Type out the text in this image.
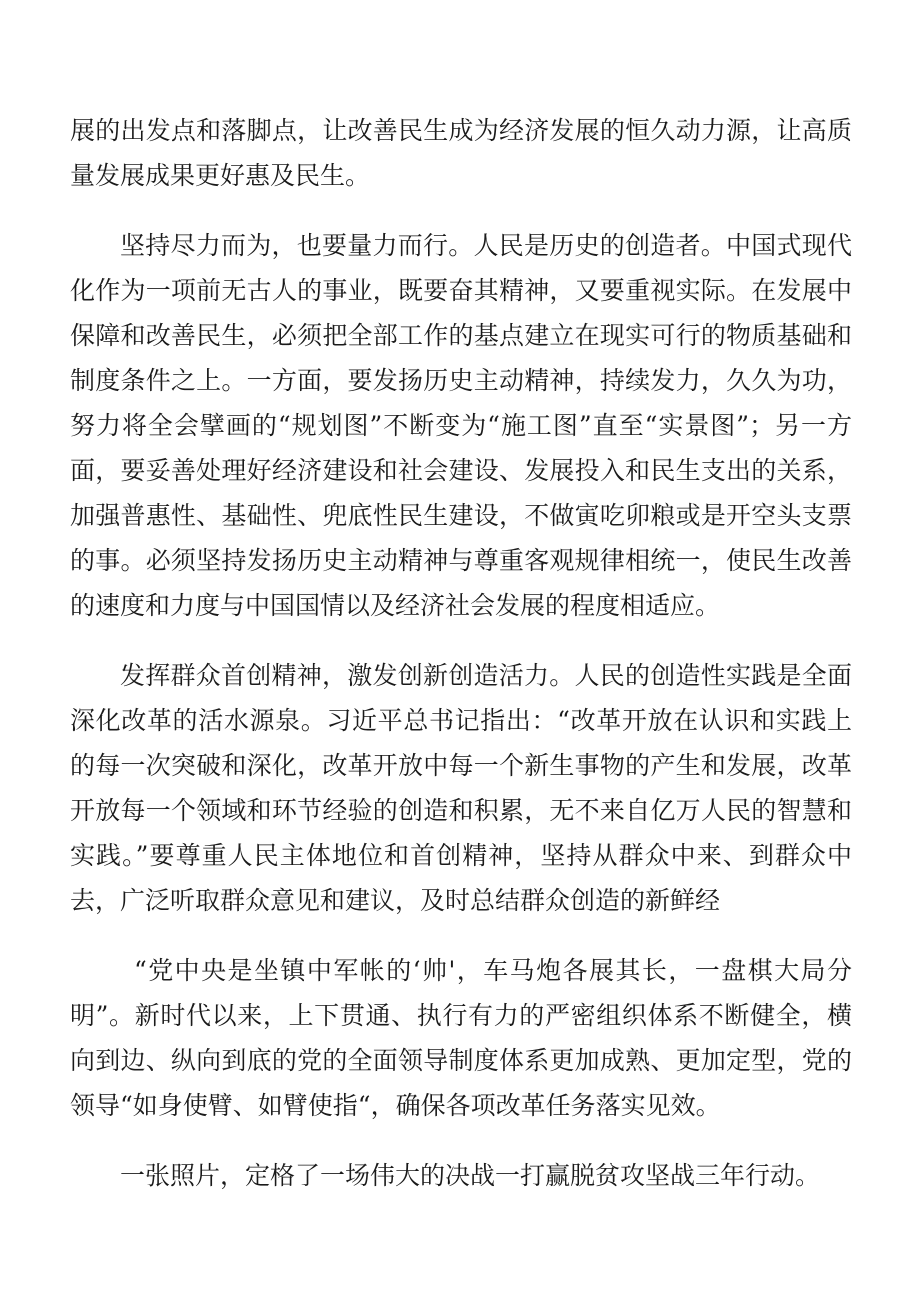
展的出发点和落脚点，让改善民生成为经济发展的恒久动力源，让高质量发展成果更好惠及民生。

坚持尽力而为，也要量力而行。人民是历史的创造者。中国式现代化作为一项前无古人的事业，既要奋其精神，又要重视实际。在发展中保障和改善民生，必须把全部工作的基点建立在现实可行的物质基础和制度条件之上。一方面，要发扬历史主动精神，持续发力，久久为功，努力将全会擘画的“规划图”不断变为“施工图”直至“实景图”；另一方面，要妥善处理好经济建设和社会建设、发展投入和民生支出的关系，加强普惠性、基础性、兜底性民生建设，不做寅吃卯粮或是开空头支票的事。必须坚持发扬历史主动精神与尊重客观规律相统一，使民生改善的速度和力度与中国国情以及经济社会发展的程度相适应。

发挥群众首创精神，激发创新创造活力。人民的创造性实践是全面深化改革的活水源泉。习近平总书记指出：“改革开放在认识和实践上的每一次突破和深化，改革开放中每一个新生事物的产生和发展，改革开放每一个领域和环节经验的创造和积累，无不来自亿万人民的智慧和实践。”要尊重人民主体地位和首创精神，坚持从群众中来、到群众中去，广泛听取群众意见和建议，及时总结群众创造的新鲜经

“党中央是坐镇中军帐的‘帅'，车马炮各展其长，一盘棋大局分明”。新时代以来，上下贯通、执行有力的严密组织体系不断健全，横向到边、纵向到底的党的全面领导制度体系更加成熟、更加定型，党的领导“如身使臂、如臂使指“，确保各项改革任务落实见效。

一张照片，定格了一场伟大的决战一打赢脱贫攻坚战三年行动。
